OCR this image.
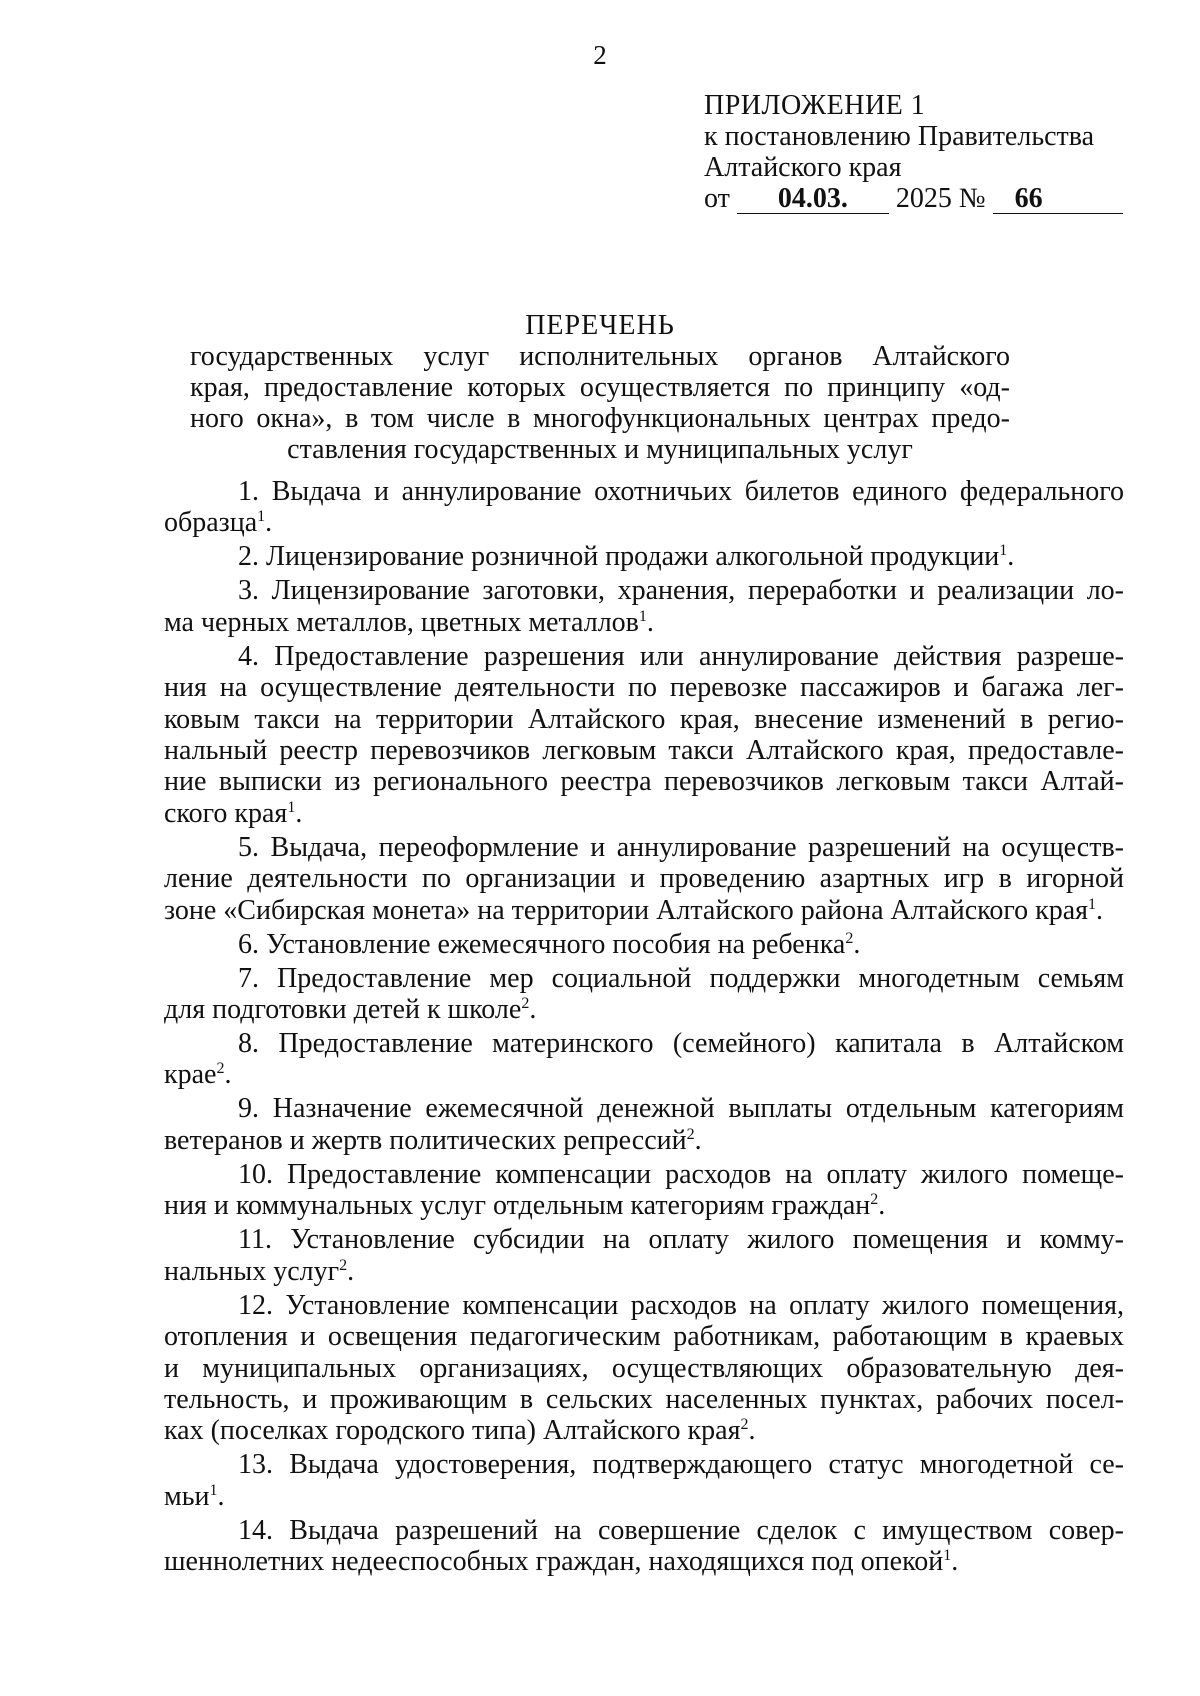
2
ПРИЛОЖЕНИЕ 1
к постановлению Правительства
Алтайского края
от 04.03. 2025 № 66
ПЕРЕЧЕНЬ
государственных услуг исполнительных органов Алтайского
края, предоставление которых осуществляется по принципу «од-
ного окна», в том числе в многофункциональных центрах предо-
ставления государственных и муниципальных услуг
1. Выдача и аннулирование охотничьих билетов единого федерального
образца$^1$.
2. Лицензирование розничной продажи алкогольной продукции$^1$.
3. Лицензирование заготовки, хранения, переработки и реализации ло-
ма черных металлов, цветных металлов$^1$.
4. Предоставление разрешения или аннулирование действия разреше-
ния на осуществление деятельности по перевозке пассажиров и багажа лег-
ковым такси на территории Алтайского края, внесение изменений в регио-
нальный реестр перевозчиков легковым такси Алтайского края, предоставле-
ние выписки из регионального реестра перевозчиков легковым такси Алтай-
ского края$^1$.
5. Выдача, переоформление и аннулирование разрешений на осуществ-
ление деятельности по организации и проведению азартных игр в игорной
зоне «Сибирская монета» на территории Алтайского района Алтайского края$^1$.
6. Установление ежемесячного пособия на ребенка$^2$.
7. Предоставление мер социальной поддержки многодетным семьям
для подготовки детей к школе$^2$.
8. Предоставление материнского (семейного) капитала в Алтайском
крае$^2$.
9. Назначение ежемесячной денежной выплаты отдельным категориям
ветеранов и жертв политических репрессий$^2$.
10. Предоставление компенсации расходов на оплату жилого помеще-
ния и коммунальных услуг отдельным категориям граждан$^2$.
11. Установление субсидии на оплату жилого помещения и комму-
нальных услуг$^2$.
12. Установление компенсации расходов на оплату жилого помещения,
отопления и освещения педагогическим работникам, работающим в краевых
и муниципальных организациях, осуществляющих образовательную дея-
тельность, и проживающим в сельских населенных пунктах, рабочих посел-
ках (поселках городского типа) Алтайского края$^2$.
13. Выдача удостоверения, подтверждающего статус многодетной се-
мьи$^1$.
14. Выдача разрешений на совершение сделок с имуществом совер-
шеннолетних недееспособных граждан, находящихся под опекой$^1$.
